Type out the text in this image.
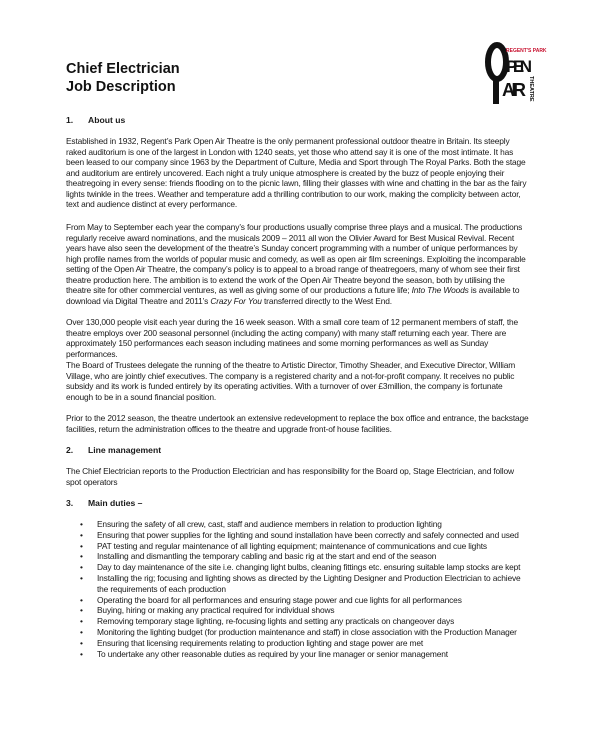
Chief Electrician
Job Description
REGENT'S PARK
PEN
AIR THEATRE
1. About us
Established in 1932, Regent’s Park Open Air Theatre is the only permanent professional outdoor theatre in Britain. Its steeply raked auditorium is one of the largest in London with 1240 seats, yet those who attend say it is one of the most intimate. It has been leased to our company since 1963 by the Department of Culture, Media and Sport through The Royal Parks. Both the stage and auditorium are entirely uncovered. Each night a truly unique atmosphere is created by the buzz of people enjoying their theatregoing in every sense: friends flooding on to the picnic lawn, filling their glasses with wine and chatting in the bar as the fairy lights twinkle in the trees. Weather and temperature add a thrilling contribution to our work, making the complicity between actor, text and audience distinct at every performance.
From May to September each year the company’s four productions usually comprise three plays and a musical. The productions regularly receive award nominations, and the musicals 2009 – 2011 all won the Olivier Award for Best Musical Revival. Recent years have also seen the development of the theatre’s Sunday concert programming with a number of unique performances by high profile names from the worlds of popular music and comedy, as well as open air film screenings. Exploiting the incomparable setting of the Open Air Theatre, the company’s policy is to appeal to a broad range of theatregoers, many of whom see their first theatre production here. The ambition is to extend the work of the Open Air Theatre beyond the season, both by utilising the theatre site for other commercial ventures, as well as giving some of our productions a future life; Into The Woods is available to download via Digital Theatre and 2011’s Crazy For You transferred directly to the West End.
Over 130,000 people visit each year during the 16 week season. With a small core team of 12 permanent members of staff, the theatre employs over 200 seasonal personnel (including the acting company) with many staff returning each year. There are approximately 150 performances each season including matinees and some morning performances as well as Sunday performances.
The Board of Trustees delegate the running of the theatre to Artistic Director, Timothy Sheader, and Executive Director, William Village, who are jointly chief executives. The company is a registered charity and a not-for-profit company. It receives no public subsidy and its work is funded entirely by its operating activities. With a turnover of over £3million, the company is fortunate enough to be in a sound financial position.
Prior to the 2012 season, the theatre undertook an extensive redevelopment to replace the box office and entrance, the backstage facilities, return the administration offices to the theatre and upgrade front-of house facilities.
2. Line management
The Chief Electrician reports to the Production Electrician and has responsibility for the Board op, Stage Electrician, and follow spot operators
3. Main duties –
• Ensuring the safety of all crew, cast, staff and audience members in relation to production lighting
• Ensuring that power supplies for the lighting and sound installation have been correctly and safely connected and used
• PAT testing and regular maintenance of all lighting equipment; maintenance of communications and cue lights
• Installing and dismantling the temporary cabling and basic rig at the start and end of the season
• Day to day maintenance of the site i.e. changing light bulbs, cleaning fittings etc. ensuring suitable lamp stocks are kept
• Installing the rig; focusing and lighting shows as directed by the Lighting Designer and Production Electrician to achieve the requirements of each production
• Operating the board for all performances and ensuring stage power and cue lights for all performances
• Buying, hiring or making any practical required for individual shows
• Removing temporary stage lighting, re-focusing lights and setting any practicals on changeover days
• Monitoring the lighting budget (for production maintenance and staff) in close association with the Production Manager
• Ensuring that licensing requirements relating to production lighting and stage power are met
• To undertake any other reasonable duties as required by your line manager or senior management
